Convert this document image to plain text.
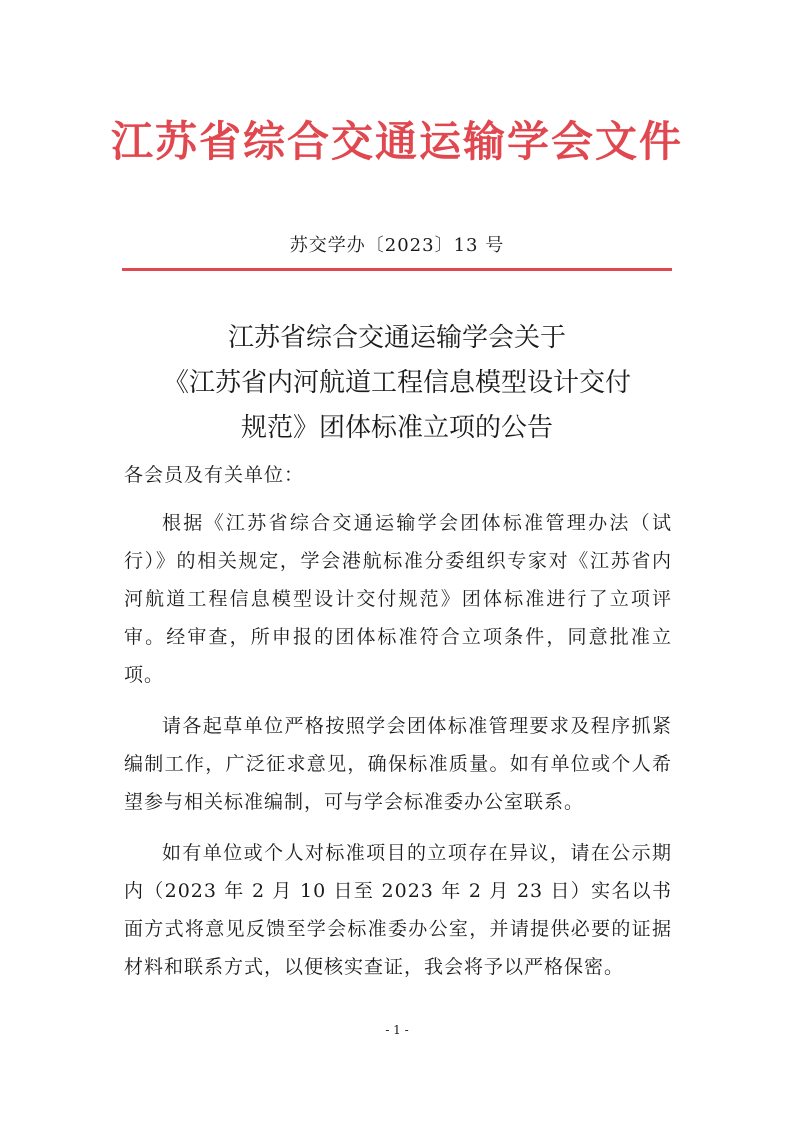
江苏省综合交通运输学会文件
苏交学办〔2023〕13 号
江苏省综合交通运输学会关于
《江苏省内河航道工程信息模型设计交付
规范》团体标准立项的公告

各会员及有关单位：

根据《江苏省综合交通运输学会团体标准管理办法（试行）》的相关规定，学会港航标准分委组织专家对《江苏省内河航道工程信息模型设计交付规范》团体标准进行了立项评审。经审查，所申报的团体标准符合立项条件，同意批准立项。

请各起草单位严格按照学会团体标准管理要求及程序抓紧编制工作，广泛征求意见，确保标准质量。如有单位或个人希望参与相关标准编制，可与学会标准委办公室联系。

如有单位或个人对标准项目的立项存在异议，请在公示期内（2023 年 2 月 10 日至 2023 年 2 月 23 日）实名以书面方式将意见反馈至学会标准委办公室，并请提供必要的证据材料和联系方式，以便核实查证，我会将予以严格保密。

- 1 -
